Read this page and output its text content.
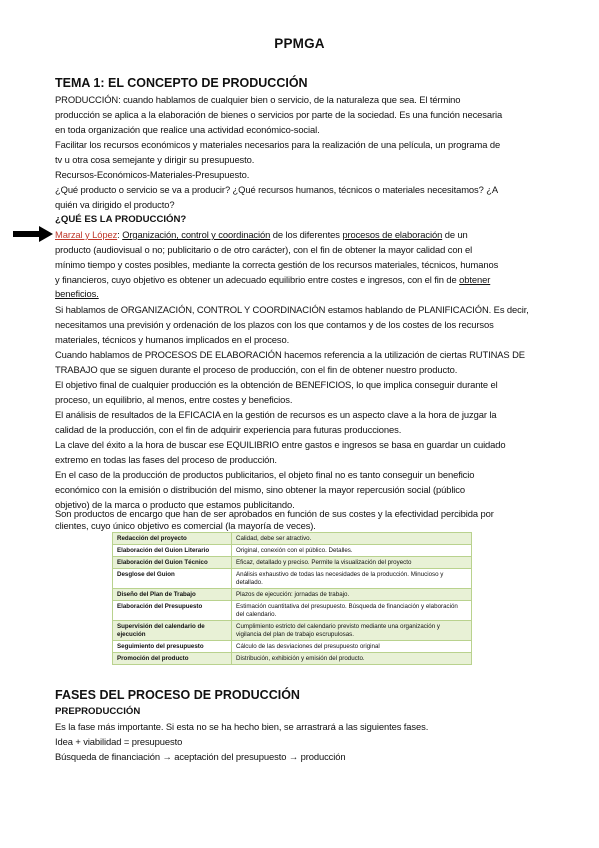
PPMGA
TEMA 1: EL CONCEPTO DE PRODUCCIÓN
PRODUCCIÓN: cuando hablamos de cualquier bien o servicio, de la naturaleza que sea. El término
producción se aplica a la elaboración de bienes o servicios por parte de la sociedad. Es una función necesaria
en toda organización que realice una actividad económico-social.
Facilitar los recursos económicos y materiales necesarios para la realización de una película, un programa de
tv u otra cosa semejante y dirigir su presupuesto.
Recursos-Económicos-Materiales-Presupuesto.
¿Qué producto o servicio se va a producir? ¿Qué recursos humanos, técnicos o materiales necesitamos? ¿A
quién va dirigido el producto?
¿QUÉ ES LA PRODUCCIÓN?
Marzal y López: Organización, control y coordinación de los diferentes procesos de elaboración de un
producto (audiovisual o no; publicitario o de otro carácter), con el fin de obtener la mayor calidad con el
mínimo tiempo y costes posibles, mediante la correcta gestión de los recursos materiales, técnicos, humanos
y financieros, cuyo objetivo es obtener un adecuado equilibrio entre costes e ingresos, con el fin de obtener
beneficios.
Si hablamos de ORGANIZACIÓN, CONTROL Y COORDINACIÓN estamos hablando de PLANIFICACIÓN. Es decir,
necesitamos una previsión y ordenación de los plazos con los que contamos y de los costes de los recursos
materiales, técnicos y humanos implicados en el proceso.
Cuando hablamos de PROCESOS DE ELABORACIÓN hacemos referencia a la utilización de ciertas RUTINAS DE
TRABAJO que se siguen durante el proceso de producción, con el fin de obtener nuestro producto.
El objetivo final de cualquier producción es la obtención de BENEFICIOS, lo que implica conseguir durante el
proceso, un equilibrio, al menos, entre costes y beneficios.
El análisis de resultados de la EFICACIA en la gestión de recursos es un aspecto clave a la hora de juzgar la
calidad de la producción, con el fin de adquirir experiencia para futuras producciones.
La clave del éxito a la hora de buscar ese EQUILIBRIO entre gastos e ingresos se basa en guardar un cuidado
extremo en todas las fases del proceso de producción.
En el caso de la producción de productos publicitarios, el objeto final no es tanto conseguir un beneficio
económico con la emisión o distribución del mismo, sino obtener la mayor repercusión social (público
objetivo) de la marca o producto que estamos publicitando.
Son productos de encargo que han de ser aprobados en función de sus costes y la efectividad percibida por
clientes, cuyo único objetivo es comercial (la mayoría de veces).
Redacción del proyecto	Calidad, debe ser atractivo.
Elaboración del Guion Literario	Original, conexión con el público. Detalles.
Elaboración del Guion Técnico	Eficaz, detallado y preciso. Permite la visualización del proyecto
Desglose del Guion	Análisis exhaustivo de todas las necesidades de la producción. Minucioso y detallado.
Diseño del Plan de Trabajo	Plazos de ejecución: jornadas de trabajo.
Elaboración del Presupuesto	Estimación cuantitativa del presupuesto. Búsqueda de financiación y elaboración del calendario.
Supervisión del calendario de ejecución	Cumplimiento estricto del calendario previsto mediante una organización y vigilancia del plan de trabajo escrupulosas.
Seguimiento del presupuesto	Cálculo de las desviaciones del presupuesto original
Promoción del producto	Distribución, exhibición y emisión del producto.
FASES DEL PROCESO DE PRODUCCIÓN
PREPRODUCCIÓN
Es la fase más importante. Si esta no se ha hecho bien, se arrastrará a las siguientes fases.
Idea + viabilidad = presupuesto
Búsqueda de financiación → aceptación del presupuesto → producción
